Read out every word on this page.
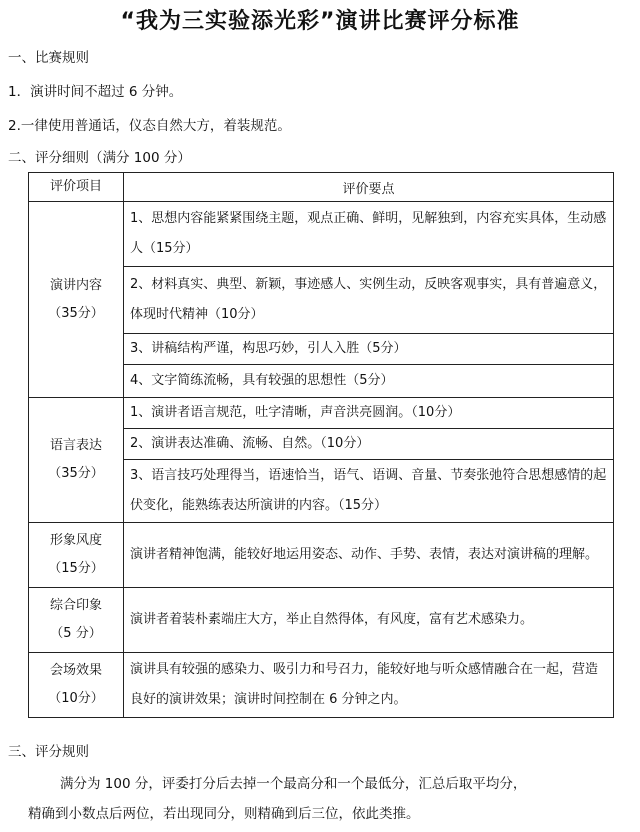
“我为三实验添光彩”演讲比赛评分标准
一、比赛规则
1．演讲时间不超过 6 分钟。
2.一律使用普通话，仪态自然大方，着装规范。
二、评分细则（满分 100 分）
评价项目	评价要点

演讲内容
（35分）	1、思想内容能紧紧围绕主题，观点正确、鲜明，见解独到，内容充实具体，生动感人（15分）
	2、材料真实、典型、新颖，事迹感人、实例生动，反映客观事实，具有普遍意义，体现时代精神（10分）
	3、讲稿结构严谨，构思巧妙，引人入胜（5分）
	4、文字简练流畅，具有较强的思想性（5分）

语言表达
（35分）	1、演讲者语言规范，吐字清晰，声音洪亮圆润。（10分）
	2、演讲表达准确、流畅、自然。（10分）
	3、语言技巧处理得当，语速恰当，语气、语调、音量、节奏张弛符合思想感情的起伏变化，能熟练表达所演讲的内容。（15分）

形象风度
（15分）	演讲者精神饱满，能较好地运用姿态、动作、手势、表情，表达对演讲稿的理解。

综合印象
（5 分）	演讲者着装朴素端庄大方，举止自然得体，有风度，富有艺术感染力。

会场效果
（10分）	演讲具有较强的感染力、吸引力和号召力，能较好地与听众感情融合在一起，营造良好的演讲效果；演讲时间控制在 6 分钟之内。
三、评分规则
满分为 100 分，评委打分后去掉一个最高分和一个最低分，汇总后取平均分，
精确到小数点后两位，若出现同分，则精确到后三位，依此类推。
